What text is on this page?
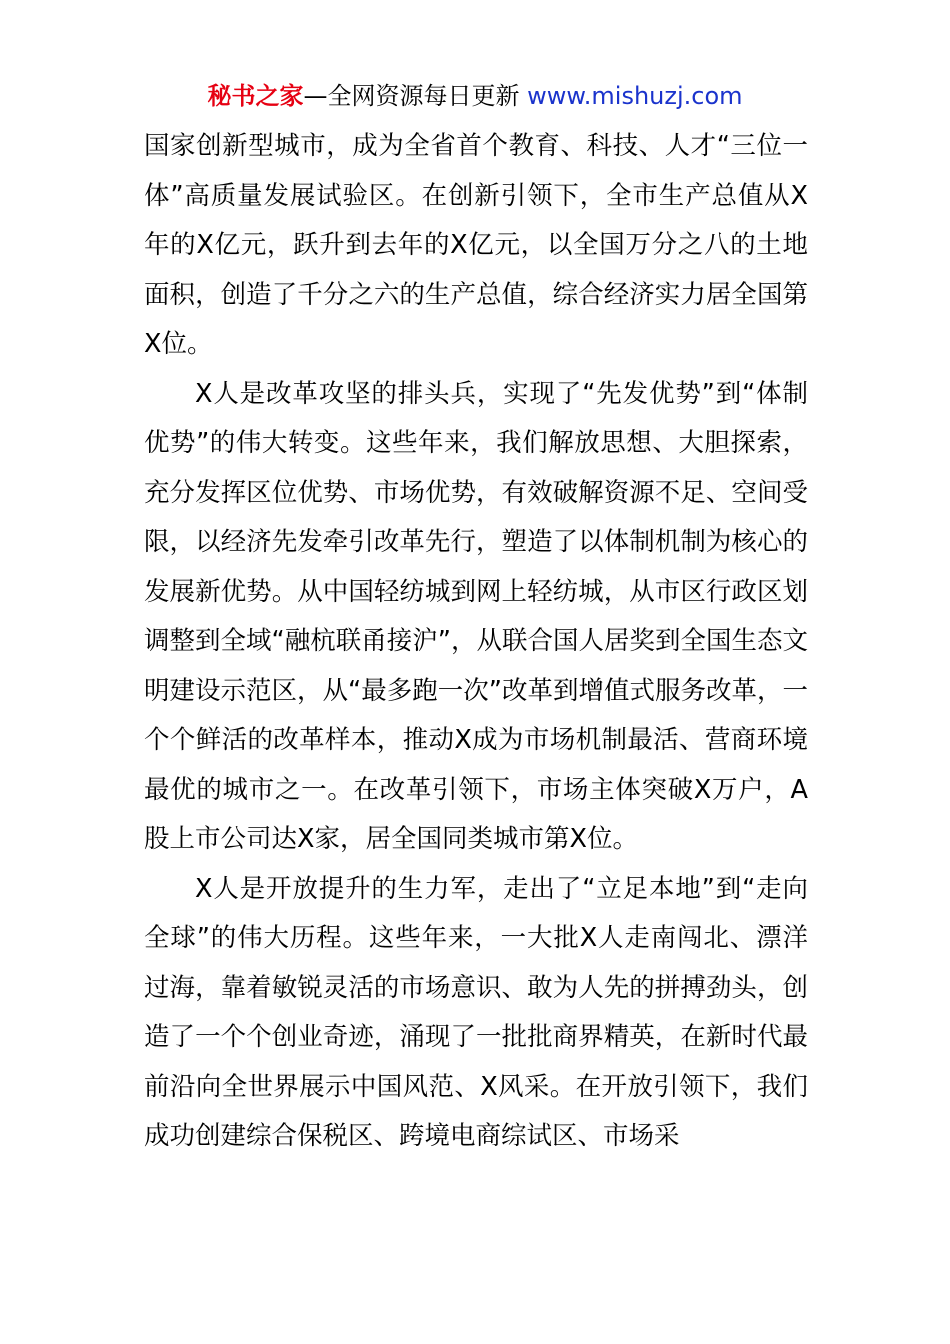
秘书之家—全网资源每日更新 www.mishuzj.com

国家创新型城市，成为全省首个教育、科技、人才“三位一体”高质量发展试验区。在创新引领下，全市生产总值从X年的X亿元，跃升到去年的X亿元，以全国万分之八的土地面积，创造了千分之六的生产总值，综合经济实力居全国第X位。

X人是改革攻坚的排头兵，实现了“先发优势”到“体制优势”的伟大转变。这些年来，我们解放思想、大胆探索，充分发挥区位优势、市场优势，有效破解资源不足、空间受限，以经济先发牵引改革先行，塑造了以体制机制为核心的发展新优势。从中国轻纺城到网上轻纺城，从市区行政区划调整到全域“融杭联甬接沪”，从联合国人居奖到全国生态文明建设示范区，从“最多跑一次”改革到增值式服务改革，一个个鲜活的改革样本，推动X成为市场机制最活、营商环境最优的城市之一。在改革引领下，市场主体突破X万户，A股上市公司达X家，居全国同类城市第X位。

X人是开放提升的生力军，走出了“立足本地”到“走向全球”的伟大历程。这些年来，一大批X人走南闯北、漂洋过海，靠着敏锐灵活的市场意识、敢为人先的拼搏劲头，创造了一个个创业奇迹，涌现了一批批商界精英，在新时代最前沿向全世界展示中国风范、X风采。在开放引领下，我们成功创建综合保税区、跨境电商综试区、市场采
